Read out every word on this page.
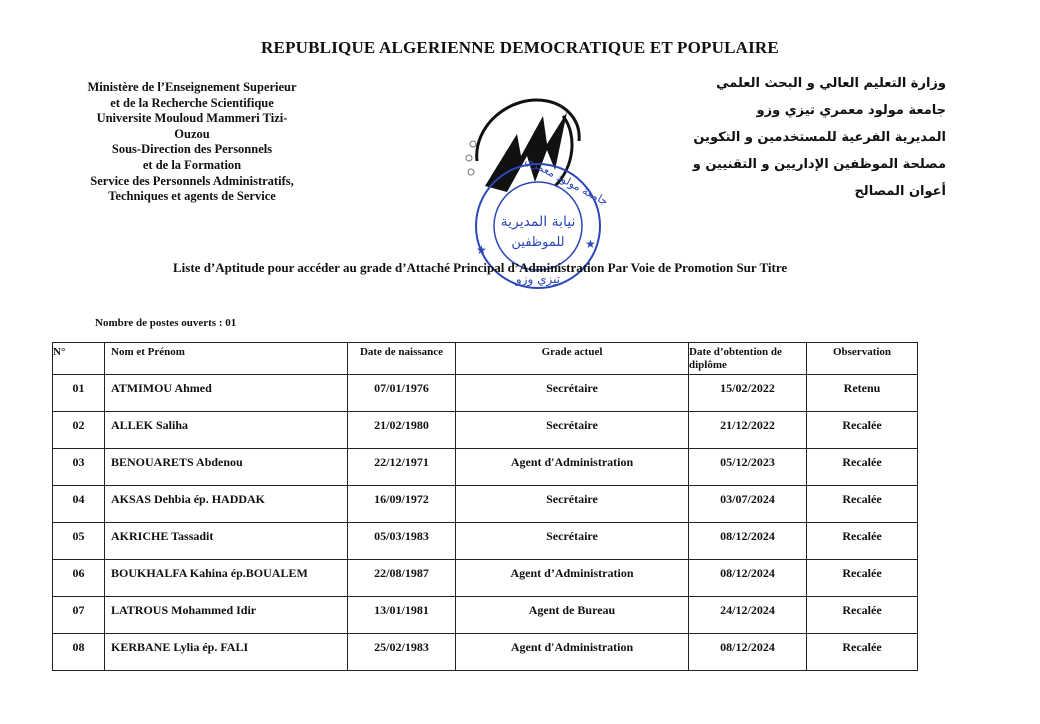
REPUBLIQUE ALGERIENNE DEMOCRATIQUE ET POPULAIRE
Ministère de l’Enseignement Superieur
et de la Recherche Scientifique
Universite Mouloud Mammeri Tizi-
Ouzou
Sous-Direction des Personnels
et de la Formation
Service des Personnels Administratifs,
Techniques et agents de Service
وزارة التعليم العالي و البحث العلمي
جامعة مولود معمري تيزي وزو
المديرية الفرعية للمستخدمين و التكوين
مصلحة الموظفين الإداريين و التقنيين و
أعوان المصالح
نيابة المديرية
للموظفين
تيزي وزو
جامعة مولود معمري
★	★
Liste d’Aptitude pour accéder au grade d’Attaché Principal d’Administration Par Voie de Promotion Sur Titre
Nombre de postes ouverts : 01
N°	Nom et Prénom	Date de naissance	Grade actuel	Date d’obtention de diplôme	Observation
01	ATMIMOU Ahmed	07/01/1976	Secrétaire	15/02/2022	Retenu
02	ALLEK Saliha	21/02/1980	Secrétaire	21/12/2022	Recalée
03	BENOUARETS Abdenou	22/12/1971	Agent d'Administration	05/12/2023	Recalée
04	AKSAS Dehbia ép. HADDAK	16/09/1972	Secrétaire	03/07/2024	Recalée
05	AKRICHE Tassadit	05/03/1983	Secrétaire	08/12/2024	Recalée
06	BOUKHALFA Kahina ép.BOUALEM	22/08/1987	Agent d’Administration	08/12/2024	Recalée
07	LATROUS Mohammed Idir	13/01/1981	Agent de Bureau	24/12/2024	Recalée
08	KERBANE Lylia ép. FALI	25/02/1983	Agent d'Administration	08/12/2024	Recalée
